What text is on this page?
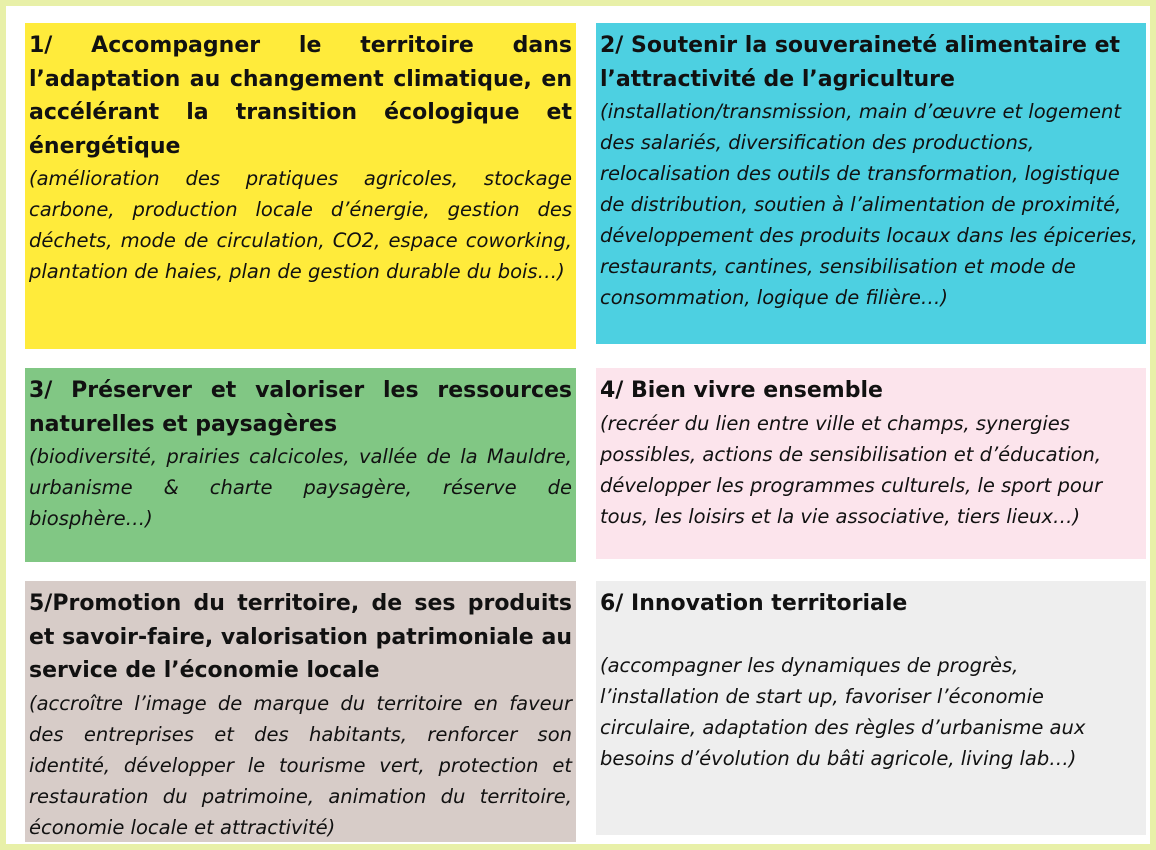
1/ Accompagner le territoire dans l’adaptation au changement climatique, en accélérant la transition écologique et énergétique

(amélioration des pratiques agricoles, stockage carbone, production locale d’énergie, gestion des déchets, mode de circulation, CO2, espace coworking, plantation de haies, plan de gestion durable du bois…)

2/ Soutenir la souveraineté alimentaire et l’attractivité de l’agriculture

(installation/transmission, main d’œuvre et logement des salariés, diversification des productions, relocalisation des outils de transformation, logistique de distribution, soutien à l’alimentation de proximité, développement des produits locaux dans les épiceries, restaurants, cantines, sensibilisation et mode de consommation, logique de filière…)

3/ Préserver et valoriser les ressources naturelles et paysagères

(biodiversité, prairies calcicoles, vallée de la Mauldre, urbanisme & charte paysagère, réserve de biosphère…)

4/ Bien vivre ensemble

(recréer du lien entre ville et champs, synergies possibles, actions de sensibilisation et d’éducation, développer les programmes culturels, le sport pour tous, les loisirs et la vie associative, tiers lieux…)

5/Promotion du territoire, de ses produits et savoir-faire, valorisation patrimoniale au service de l’économie locale

(accroître l’image de marque du territoire en faveur des entreprises et des habitants, renforcer son identité, développer le tourisme vert, protection et restauration du patrimoine, animation du territoire, économie locale et attractivité)

6/ Innovation territoriale

(accompagner les dynamiques de progrès, l’installation de start up, favoriser l’économie circulaire, adaptation des règles d’urbanisme aux besoins d’évolution du bâti agricole, living lab…)
